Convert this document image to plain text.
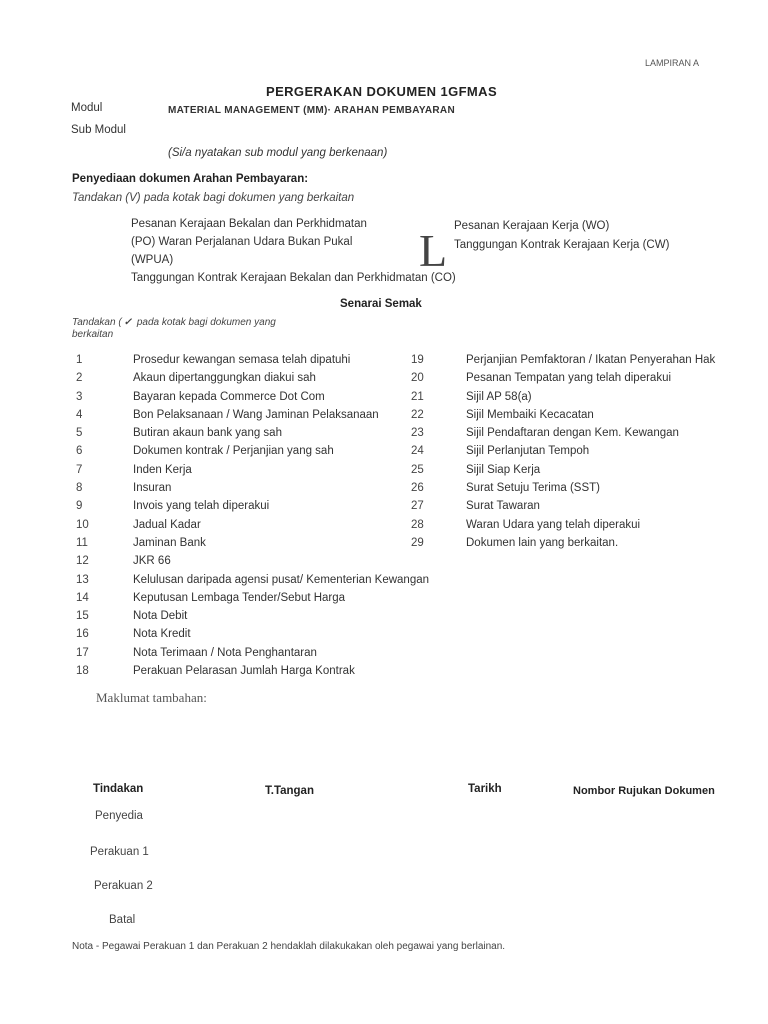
LAMPIRAN A
PERGERAKAN DOKUMEN 1GFMAS
Modul	MATERIAL MANAGEMENT (MM)· ARAHAN PEMBAYARAN
Sub Modul
(Si/a nyatakan sub modul yang berkenaan)
Penyediaan dokumen Arahan Pembayaran:
Tandakan (V) pada kotak bagi dokumen yang berkaitan
Pesanan Kerajaan Bekalan dan Perkhidmatan
(PO) Waran Perjalanan Udara Bukan Pukal
(WPUA)
Tanggungan Kontrak Kerajaan Bekalan dan Perkhidmatan (CO)
L Pesanan Kerajaan Kerja (WO)
Tanggungan Kontrak Kerajaan Kerja (CW)
Senarai Semak
Tandakan ( ✓ pada kotak bagi dokumen yang berkaitan
1	Prosedur kewangan semasa telah dipatuhi
2	Akaun dipertanggungkan diakui sah
3	Bayaran kepada Commerce Dot Com
4	Bon Pelaksanaan / Wang Jaminan Pelaksanaan
5	Butiran akaun bank yang sah
6	Dokumen kontrak / Perjanjian yang sah
7	Inden Kerja
8	Insuran
9	Invois yang telah diperakui
10	Jadual Kadar
11	Jaminan Bank
12	JKR 66
13	Kelulusan daripada agensi pusat/ Kementerian Kewangan
14	Keputusan Lembaga Tender/Sebut Harga
15	Nota Debit
16	Nota Kredit
17	Nota Terimaan / Nota Penghantaran
18	Perakuan Pelarasan Jumlah Harga Kontrak
19	Perjanjian Pemfaktoran / Ikatan Penyerahan Hak
20	Pesanan Tempatan yang telah diperakui
21	Sijil AP 58(a)
22	Sijil Membaiki Kecacatan
23	Sijil Pendaftaran dengan Kem. Kewangan
24	Sijil Perlanjutan Tempoh
25	Sijil Siap Kerja
26	Surat Setuju Terima (SST)
27	Surat Tawaran
28	Waran Udara yang telah diperakui
29	Dokumen lain yang berkaitan.
Maklumat tambahan:
Tindakan	T.Tangan	Tarikh	Nombor Rujukan Dokumen
Penyedia
Perakuan 1
Perakuan 2
Batal
Nota - Pegawai Perakuan 1 dan Perakuan 2 hendaklah dilakukakan oleh pegawai yang berlainan.
